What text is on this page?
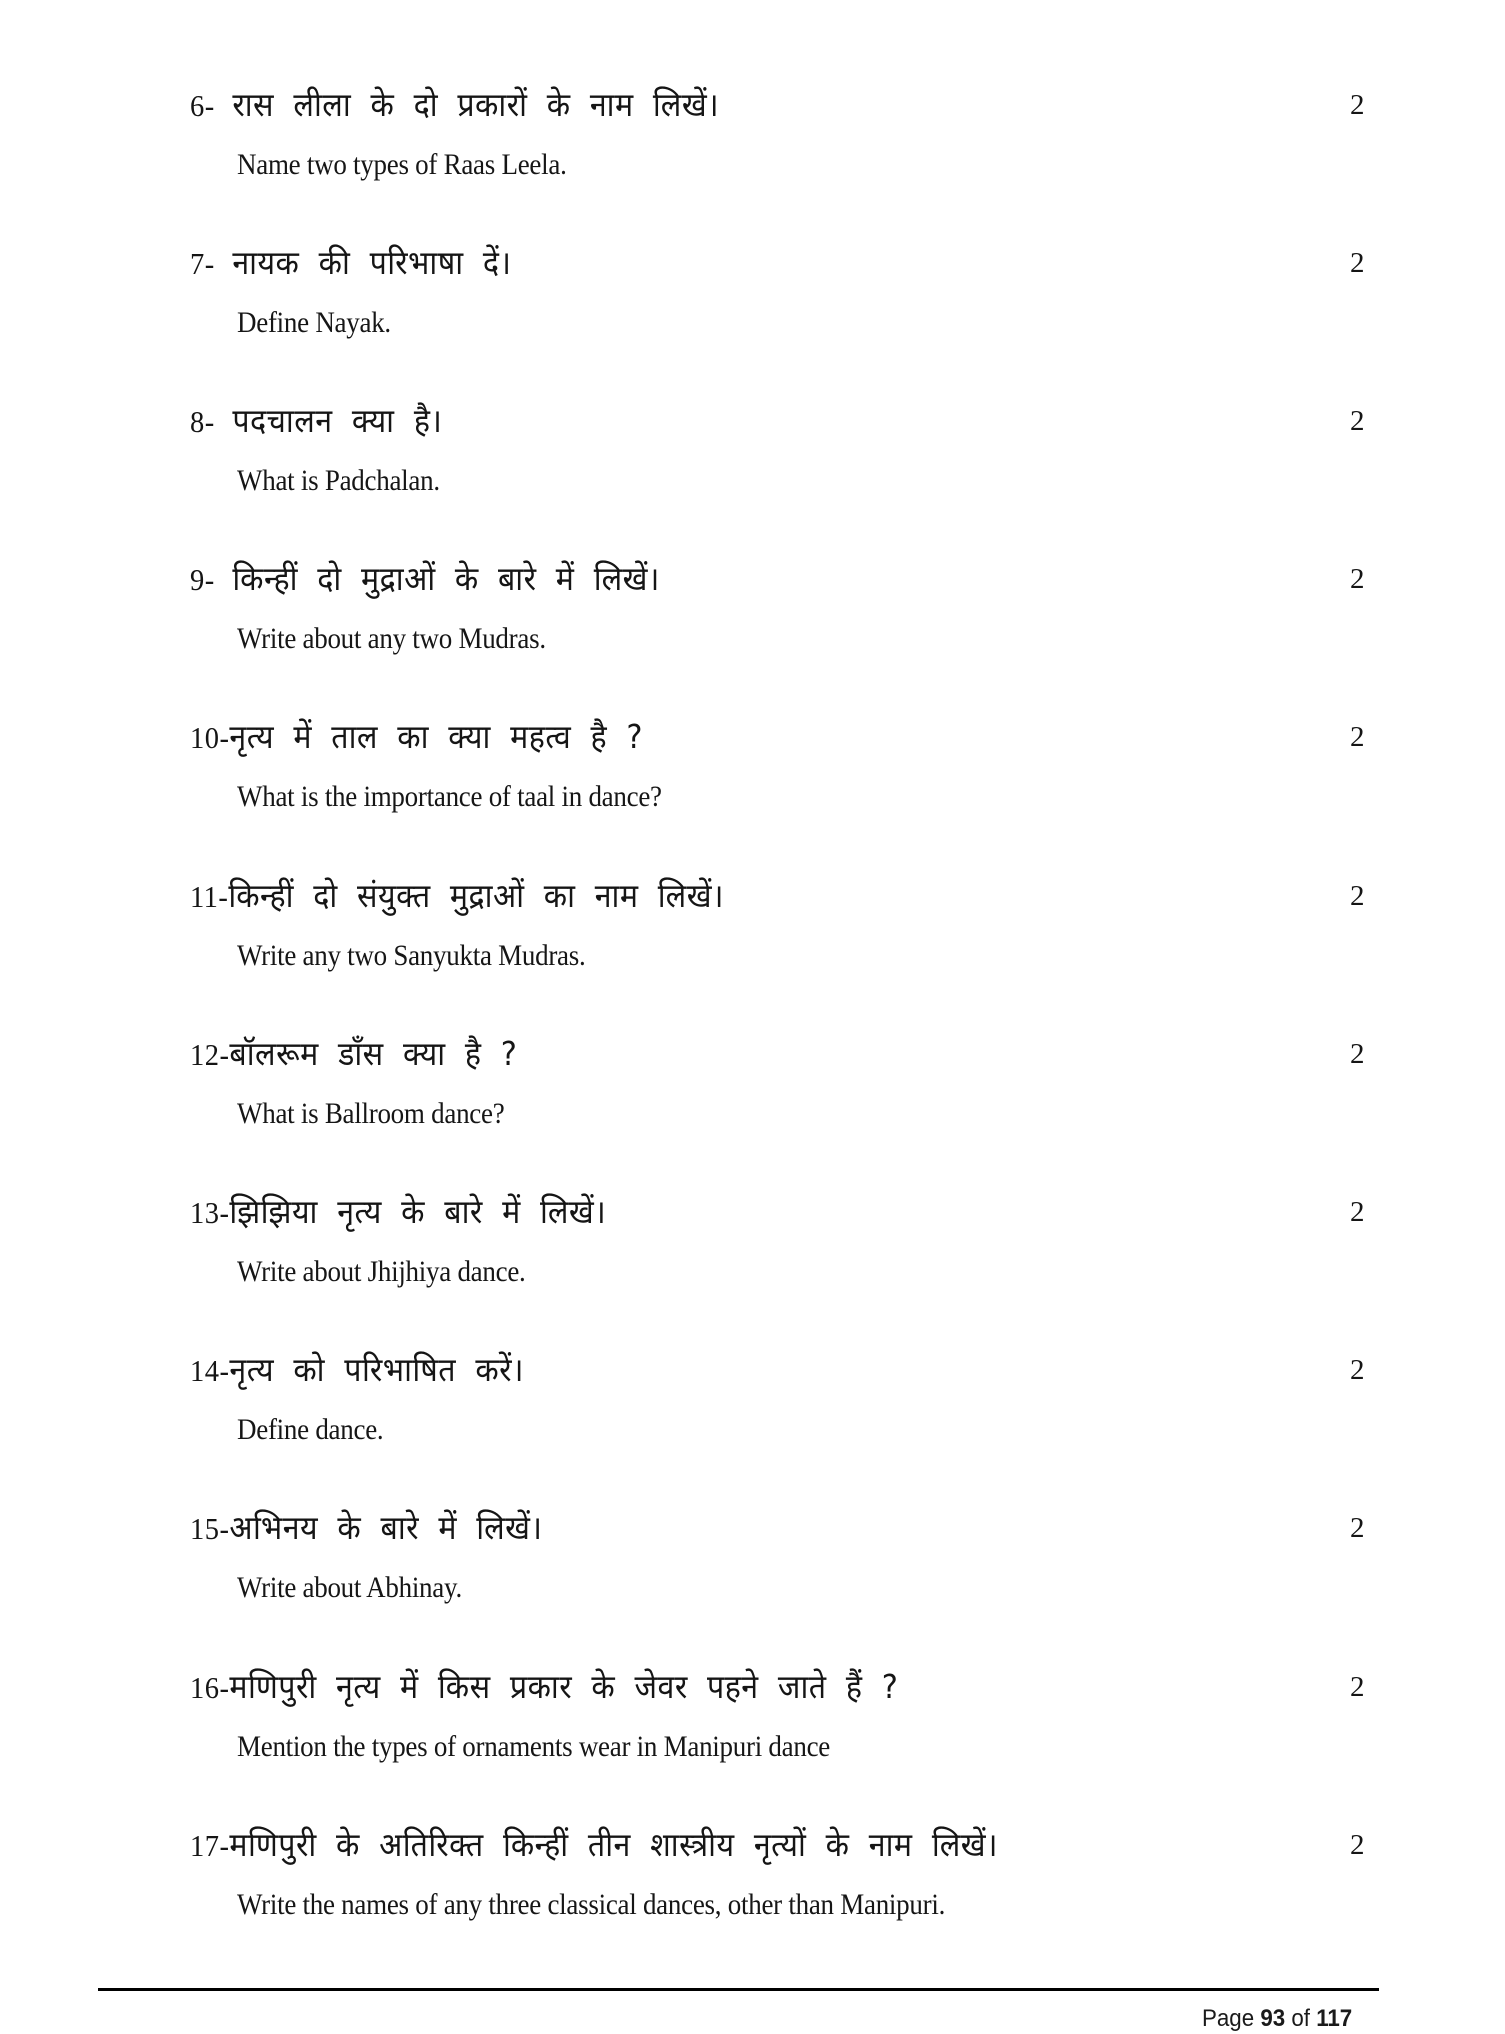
6- रास लीला के दो प्रकारों के नाम लिखें।
Name two types of Raas Leela.
2
7- नायक की परिभाषा दें।
Define Nayak.
2
8- पदचालन क्या है।
What is Padchalan.
2
9- किन्हीं दो मुद्राओं के बारे में लिखें।
Write about any two Mudras.
2
10-नृत्य में ताल का क्या महत्व है ?
What is the importance of taal in dance?
2
11-किन्हीं दो संयुक्त मुद्राओं का नाम लिखें।
Write any two Sanyukta Mudras.
2
12-बॉलरूम डाँस क्या है ?
What is Ballroom dance?
2
13-झिझिया नृत्य के बारे में लिखें।
Write about Jhijhiya dance.
2
14-नृत्य को परिभाषित करें।
Define dance.
2
15-अभिनय के बारे में लिखें।
Write about Abhinay.
2
16-मणिपुरी नृत्य में किस प्रकार के जेवर पहने जाते हैं ?
Mention the types of ornaments wear in Manipuri dance
2
17-मणिपुरी के अतिरिक्त किन्हीं तीन शास्त्रीय नृत्यों के नाम लिखें।
Write the names of any three classical dances, other than Manipuri.
2
Page 93 of 117
